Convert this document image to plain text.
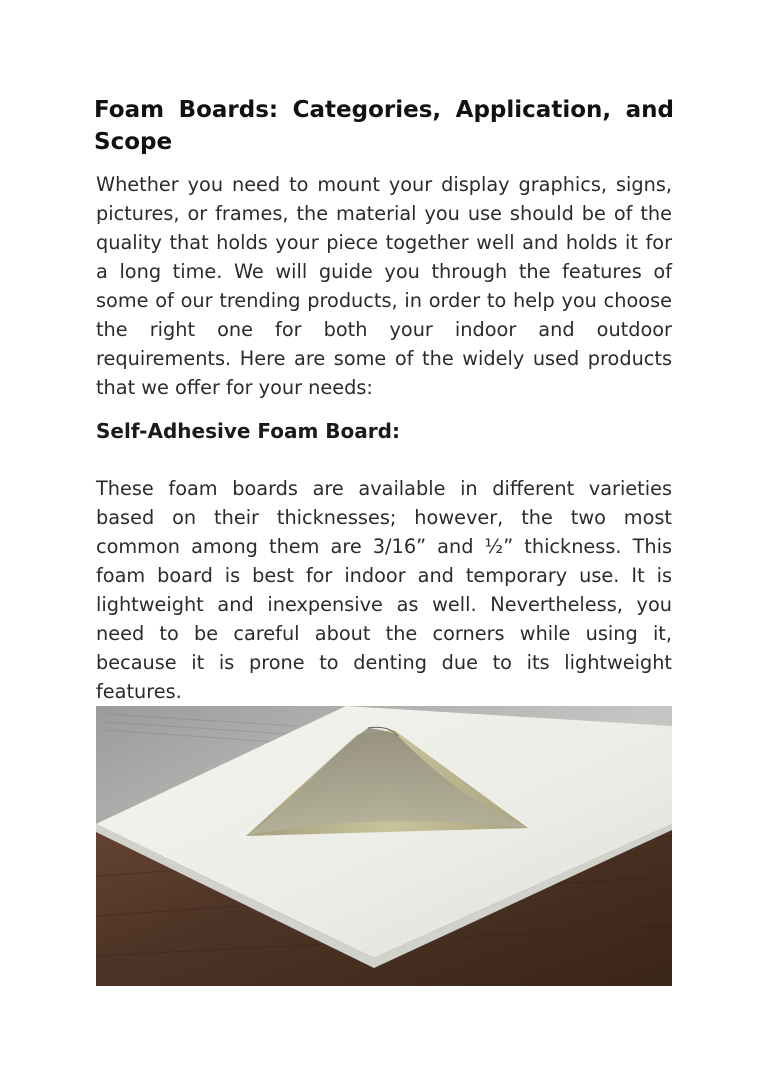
Foam Boards: Categories, Application, and Scope

Whether you need to mount your display graphics, signs, pictures, or frames, the material you use should be of the quality that holds your piece together well and holds it for a long time. We will guide you through the features of some of our trending products, in order to help you choose the right one for both your indoor and outdoor requirements. Here are some of the widely used products that we offer for your needs:

Self-Adhesive Foam Board:

These foam boards are available in different varieties based on their thicknesses; however, the two most common among them are 3/16” and ½” thickness. This foam board is best for indoor and temporary use. It is lightweight and inexpensive as well. Nevertheless, you need to be careful about the corners while using it, because it is prone to denting due to its lightweight features.
